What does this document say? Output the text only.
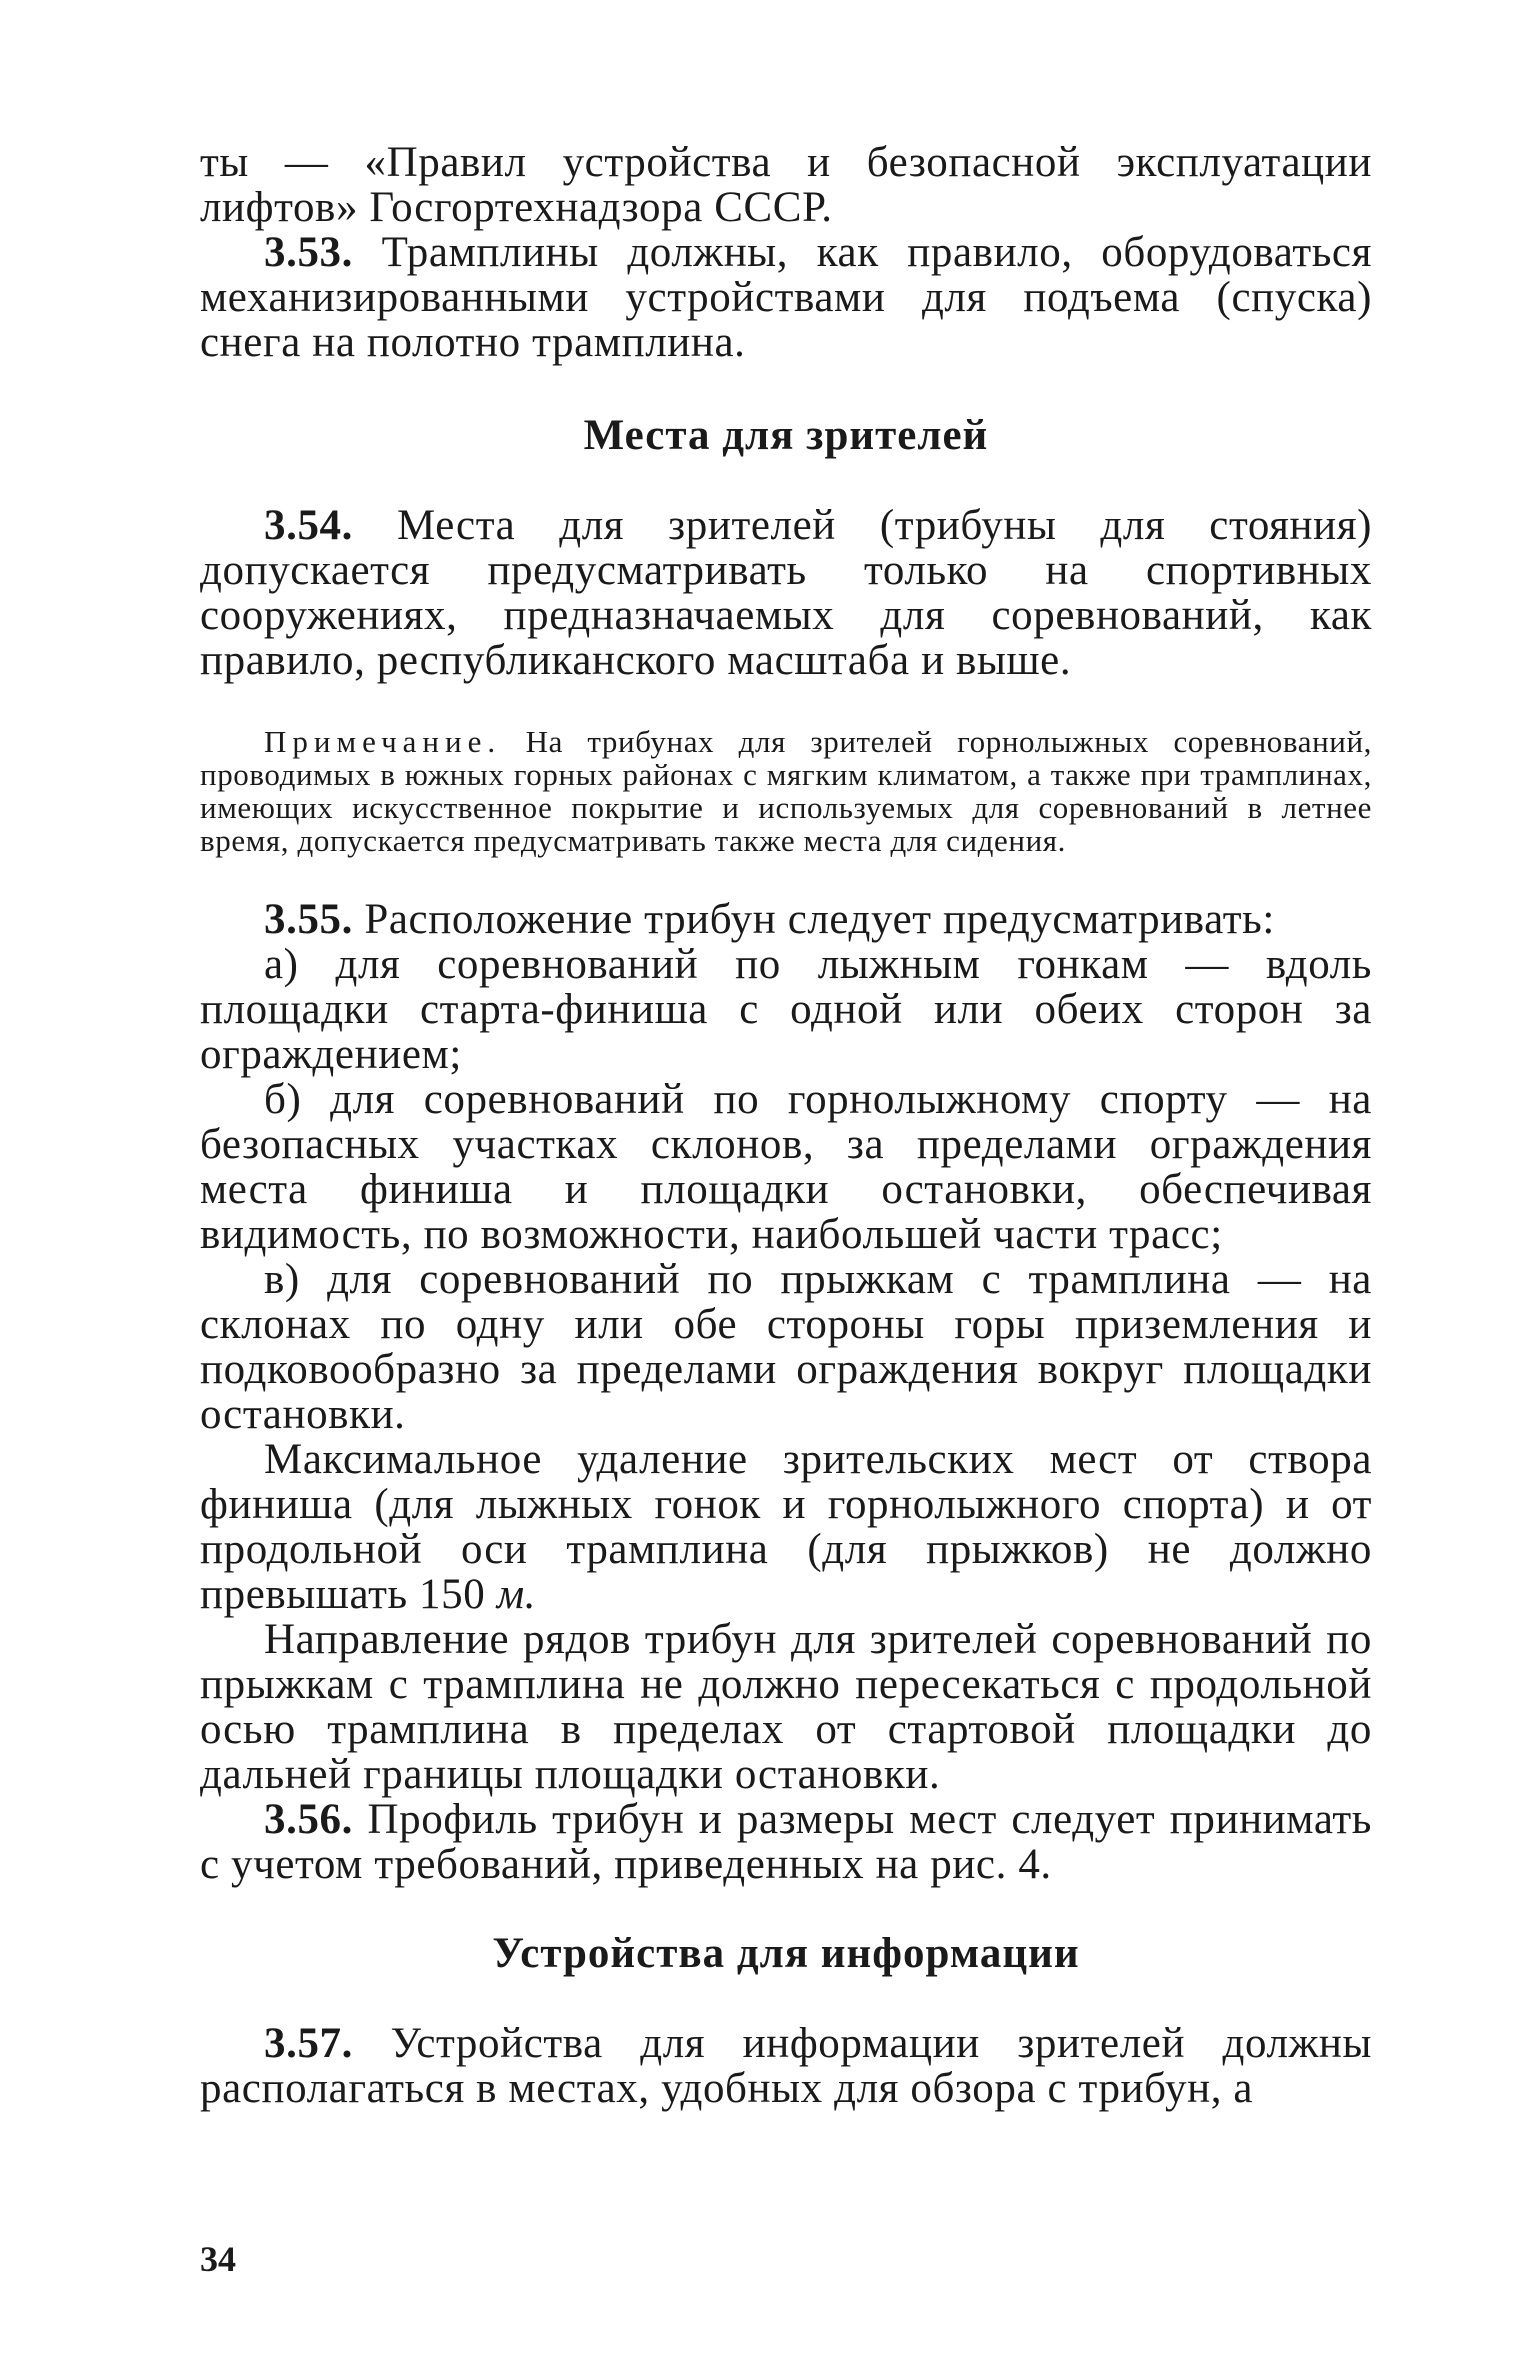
ты — «Правил устройства и безопасной эксплуатации лифтов» Госгортехнадзора СССР.

3.53. Трамплины должны, как правило, оборудоваться механизированными устройствами для подъема (спуска) снега на полотно трамплина.

Места для зрителей

3.54. Места для зрителей (трибуны для стояния) допускается предусматривать только на спортивных сооружениях, предназначаемых для соревнований, как правило, республиканского масштаба и выше.

Примечание. На трибунах для зрителей горнолыжных соревнований, проводимых в южных горных районах с мягким климатом, а также при трамплинах, имеющих искусственное покрытие и используемых для соревнований в летнее время, допускается предусматривать также места для сидения.

3.55. Расположение трибун следует предусматривать:

а) для соревнований по лыжным гонкам — вдоль площадки старта-финиша с одной или обеих сторон за ограждением;

б) для соревнований по горнолыжному спорту — на безопасных участках склонов, за пределами ограждения места финиша и площадки остановки, обеспечивая видимость, по возможности, наибольшей части трасс;

в) для соревнований по прыжкам с трамплина — на склонах по одну или обе стороны горы приземления и подковообразно за пределами ограждения вокруг площадки остановки.

Максимальное удаление зрительских мест от створа финиша (для лыжных гонок и горнолыжного спорта) и от продольной оси трамплина (для прыжков) не должно превышать 150 м.

Направление рядов трибун для зрителей соревнований по прыжкам с трамплина не должно пересекаться с продольной осью трамплина в пределах от стартовой площадки до дальней границы площадки остановки.

3.56. Профиль трибун и размеры мест следует принимать с учетом требований, приведенных на рис. 4.

Устройства для информации

3.57. Устройства для информации зрителей должны располагаться в местах, удобных для обзора с трибун, а

34
